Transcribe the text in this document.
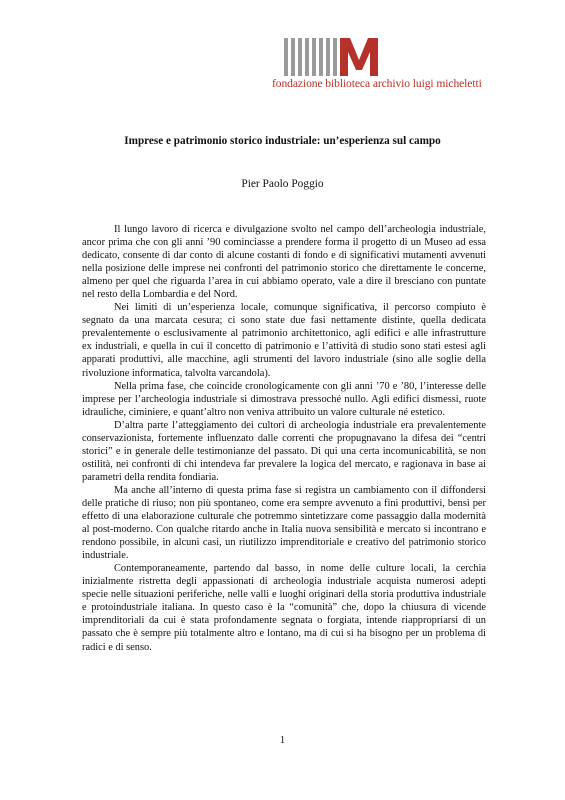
fondazione biblioteca archivio luigi micheletti
Imprese e patrimonio storico industriale: un’esperienza sul campo
Pier Paolo Poggio

Il lungo lavoro di ricerca e divulgazione svolto nel campo dell’archeologia industriale, ancor prima che con gli anni ’90 cominciasse a prendere forma il progetto di un Museo ad essa dedicato, consente di dar conto di alcune costanti di fondo e di significativi mutamenti avvenuti nella posizione delle imprese nei confronti del patrimonio storico che direttamente le concerne, almeno per quel che riguarda l’area in cui abbiamo operato, vale a dire il bresciano con puntate nel resto della Lombardia e del Nord.

Nei limiti di un’esperienza locale, comunque significativa, il percorso compiuto è segnato da una marcata cesura; ci sono state due fasi nettamente distinte, quella dedicata prevalentemente o esclusivamente al patrimonio architettonico, agli edifici e alle infrastrutture ex industriali, e quella in cui il concetto di patrimonio e l’attività di studio sono stati estesi agli apparati produttivi, alle macchine, agli strumenti del lavoro industriale (sino alle soglie della rivoluzione informatica, talvolta varcandola).

Nella prima fase, che coincide cronologicamente con gli anni ’70 e ’80, l’interesse delle imprese per l’archeologia industriale si dimostrava pressoché nullo. Agli edifici dismessi, ruote idrauliche, ciminiere, e quant’altro non veniva attribuito un valore culturale né estetico.

D’altra parte l’atteggiamento dei cultori di archeologia industriale era prevalentemente conservazionista, fortemente influenzato dalle correnti che propugnavano la difesa dei “centri storici” e in generale delle testimonianze del passato. Di qui una certa incomunicabilità, se non ostilità, nei confronti di chi intendeva far prevalere la logica del mercato, e ragionava in base ai parametri della rendita fondiaria.

Ma anche all’interno di questa prima fase si registra un cambiamento con il diffondersi delle pratiche di riuso; non più spontaneo, come era sempre avvenuto a fini produttivi, bensì per effetto di una elaborazione culturale che potremmo sintetizzare come passaggio dalla modernità al post-moderno. Con qualche ritardo anche in Italia nuova sensibilità e mercato si incontrano e rendono possibile, in alcuni casi, un riutilizzo imprenditoriale e creativo del patrimonio storico industriale.

Contemporaneamente, partendo dal basso, in nome delle culture locali, la cerchia inizialmente ristretta degli appassionati di archeologia industriale acquista numerosi adepti specie nelle situazioni periferiche, nelle valli e luoghi originari della storia produttiva industriale e protoindustriale italiana. In questo caso è la “comunità” che, dopo la chiusura di vicende imprenditoriali da cui è stata profondamente segnata o forgiata, intende riappropriarsi di un passato che è sempre più totalmente altro e lontano, ma di cui si ha bisogno per un problema di radici e di senso.

1
